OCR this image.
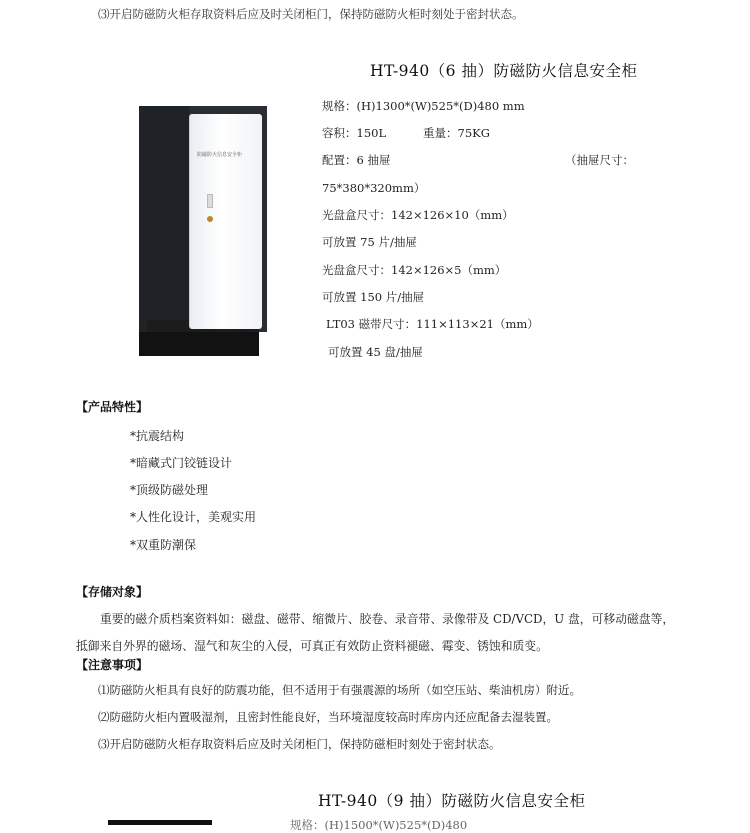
⑶开启防磁防火柜存取资料后应及时关闭柜门，保持防磁防火柜时刻处于密封状态。
HT-940（6 抽）防磁防火信息安全柜
防磁防火信息安全柜
规格：(H)1300*(W)525*(D)480 mm
容积：150L	重量：75KG
配置：6 抽屉	（抽屉尺寸：
75*380*320mm）
光盘盒尺寸：142×126×10（mm）
可放置 75 片/抽屉
光盘盒尺寸：142×126×5（mm）
可放置 150 片/抽屉
LT03 磁带尺寸：111×113×21（mm）
可放置 45 盘/抽屉
【产品特性】
*抗震结构
*暗藏式门铰链设计
*顶级防磁处理
*人性化设计，美观实用
*双重防潮保
【存储对象】
重要的磁介质档案资料如：磁盘、磁带、缩微片、胶卷、录音带、录像带及 CD/VCD，U 盘，可移动磁盘等，
抵御来自外界的磁场、湿气和灰尘的入侵，可真正有效防止资料褪磁、霉变、锈蚀和质变。
【注意事项】
⑴防磁防火柜具有良好的防震功能，但不适用于有强震源的场所（如空压站、柴油机房）附近。
⑵防磁防火柜内置吸湿剂，且密封性能良好，当环境湿度较高时库房内还应配备去湿装置。
⑶开启防磁防火柜存取资料后应及时关闭柜门，保持防磁柜时刻处于密封状态。
HT-940（9 抽）防磁防火信息安全柜
规格：(H)1500*(W)525*(D)480
